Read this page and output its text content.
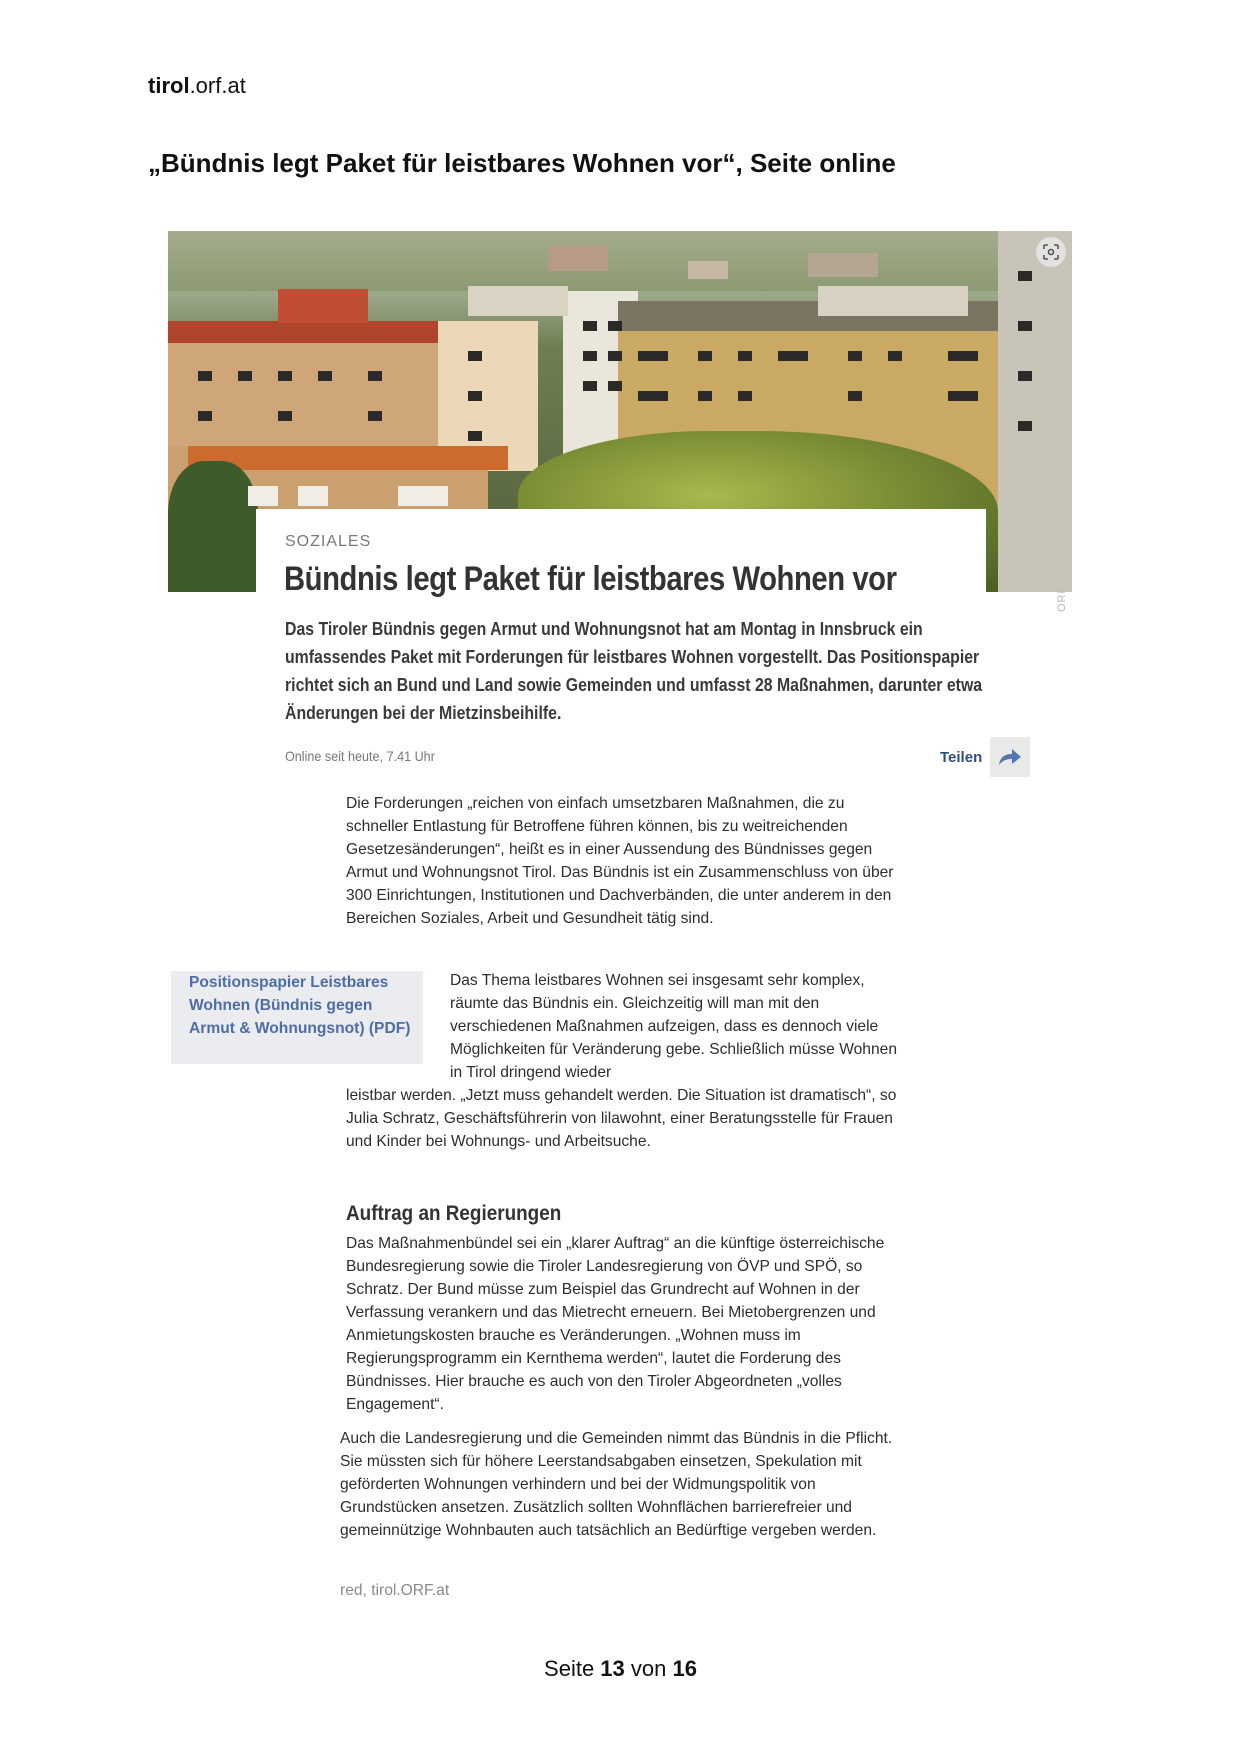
tirol.orf.at
„Bündnis legt Paket für leistbares Wohnen vor“, Seite online
ORF
SOZIALES
Bündnis legt Paket für leistbares Wohnen vor
Das Tiroler Bündnis gegen Armut und Wohnungsnot hat am Montag in Innsbruck ein umfassendes Paket mit Forderungen für leistbares Wohnen vorgestellt. Das Positionspapier richtet sich an Bund und Land sowie Gemeinden und umfasst 28 Maßnahmen, darunter etwa Änderungen bei der Mietzinsbeihilfe.
Online seit heute, 7.41 Uhr	Teilen
Die Forderungen „reichen von einfach umsetzbaren Maßnahmen, die zu schneller Entlastung für Betroffene führen können, bis zu weitreichenden Gesetzesänderungen“, heißt es in einer Aussendung des Bündnisses gegen Armut und Wohnungsnot Tirol. Das Bündnis ist ein Zusammenschluss von über 300 Einrichtungen, Institutionen und Dachverbänden, die unter anderem in den Bereichen Soziales, Arbeit und Gesundheit tätig sind.
Positionspapier Leistbares Wohnen (Bündnis gegen Armut & Wohnungsnot) (PDF)
Das Thema leistbares Wohnen sei insgesamt sehr komplex, räumte das Bündnis ein. Gleichzeitig will man mit den verschiedenen Maßnahmen aufzeigen, dass es dennoch viele Möglichkeiten für Veränderung gebe. Schließlich müsse Wohnen in Tirol dringend wieder
leistbar werden. „Jetzt muss gehandelt werden. Die Situation ist dramatisch“, so Julia Schratz, Geschäftsführerin von lilawohnt, einer Beratungsstelle für Frauen und Kinder bei Wohnungs- und Arbeitsuche.
Auftrag an Regierungen
Das Maßnahmenbündel sei ein „klarer Auftrag“ an die künftige österreichische Bundesregierung sowie die Tiroler Landesregierung von ÖVP und SPÖ, so Schratz. Der Bund müsse zum Beispiel das Grundrecht auf Wohnen in der Verfassung verankern und das Mietrecht erneuern. Bei Mietobergrenzen und Anmietungskosten brauche es Veränderungen. „Wohnen muss im Regierungsprogramm ein Kernthema werden“, lautet die Forderung des Bündnisses. Hier brauche es auch von den Tiroler Abgeordneten „volles Engagement“.
Auch die Landesregierung und die Gemeinden nimmt das Bündnis in die Pflicht. Sie müssten sich für höhere Leerstandsabgaben einsetzen, Spekulation mit geförderten Wohnungen verhindern und bei der Widmungspolitik von Grundstücken ansetzen. Zusätzlich sollten Wohnflächen barrierefreier und gemeinnützige Wohnbauten auch tatsächlich an Bedürftige vergeben werden.
red, tirol.ORF.at
Seite 13 von 16
